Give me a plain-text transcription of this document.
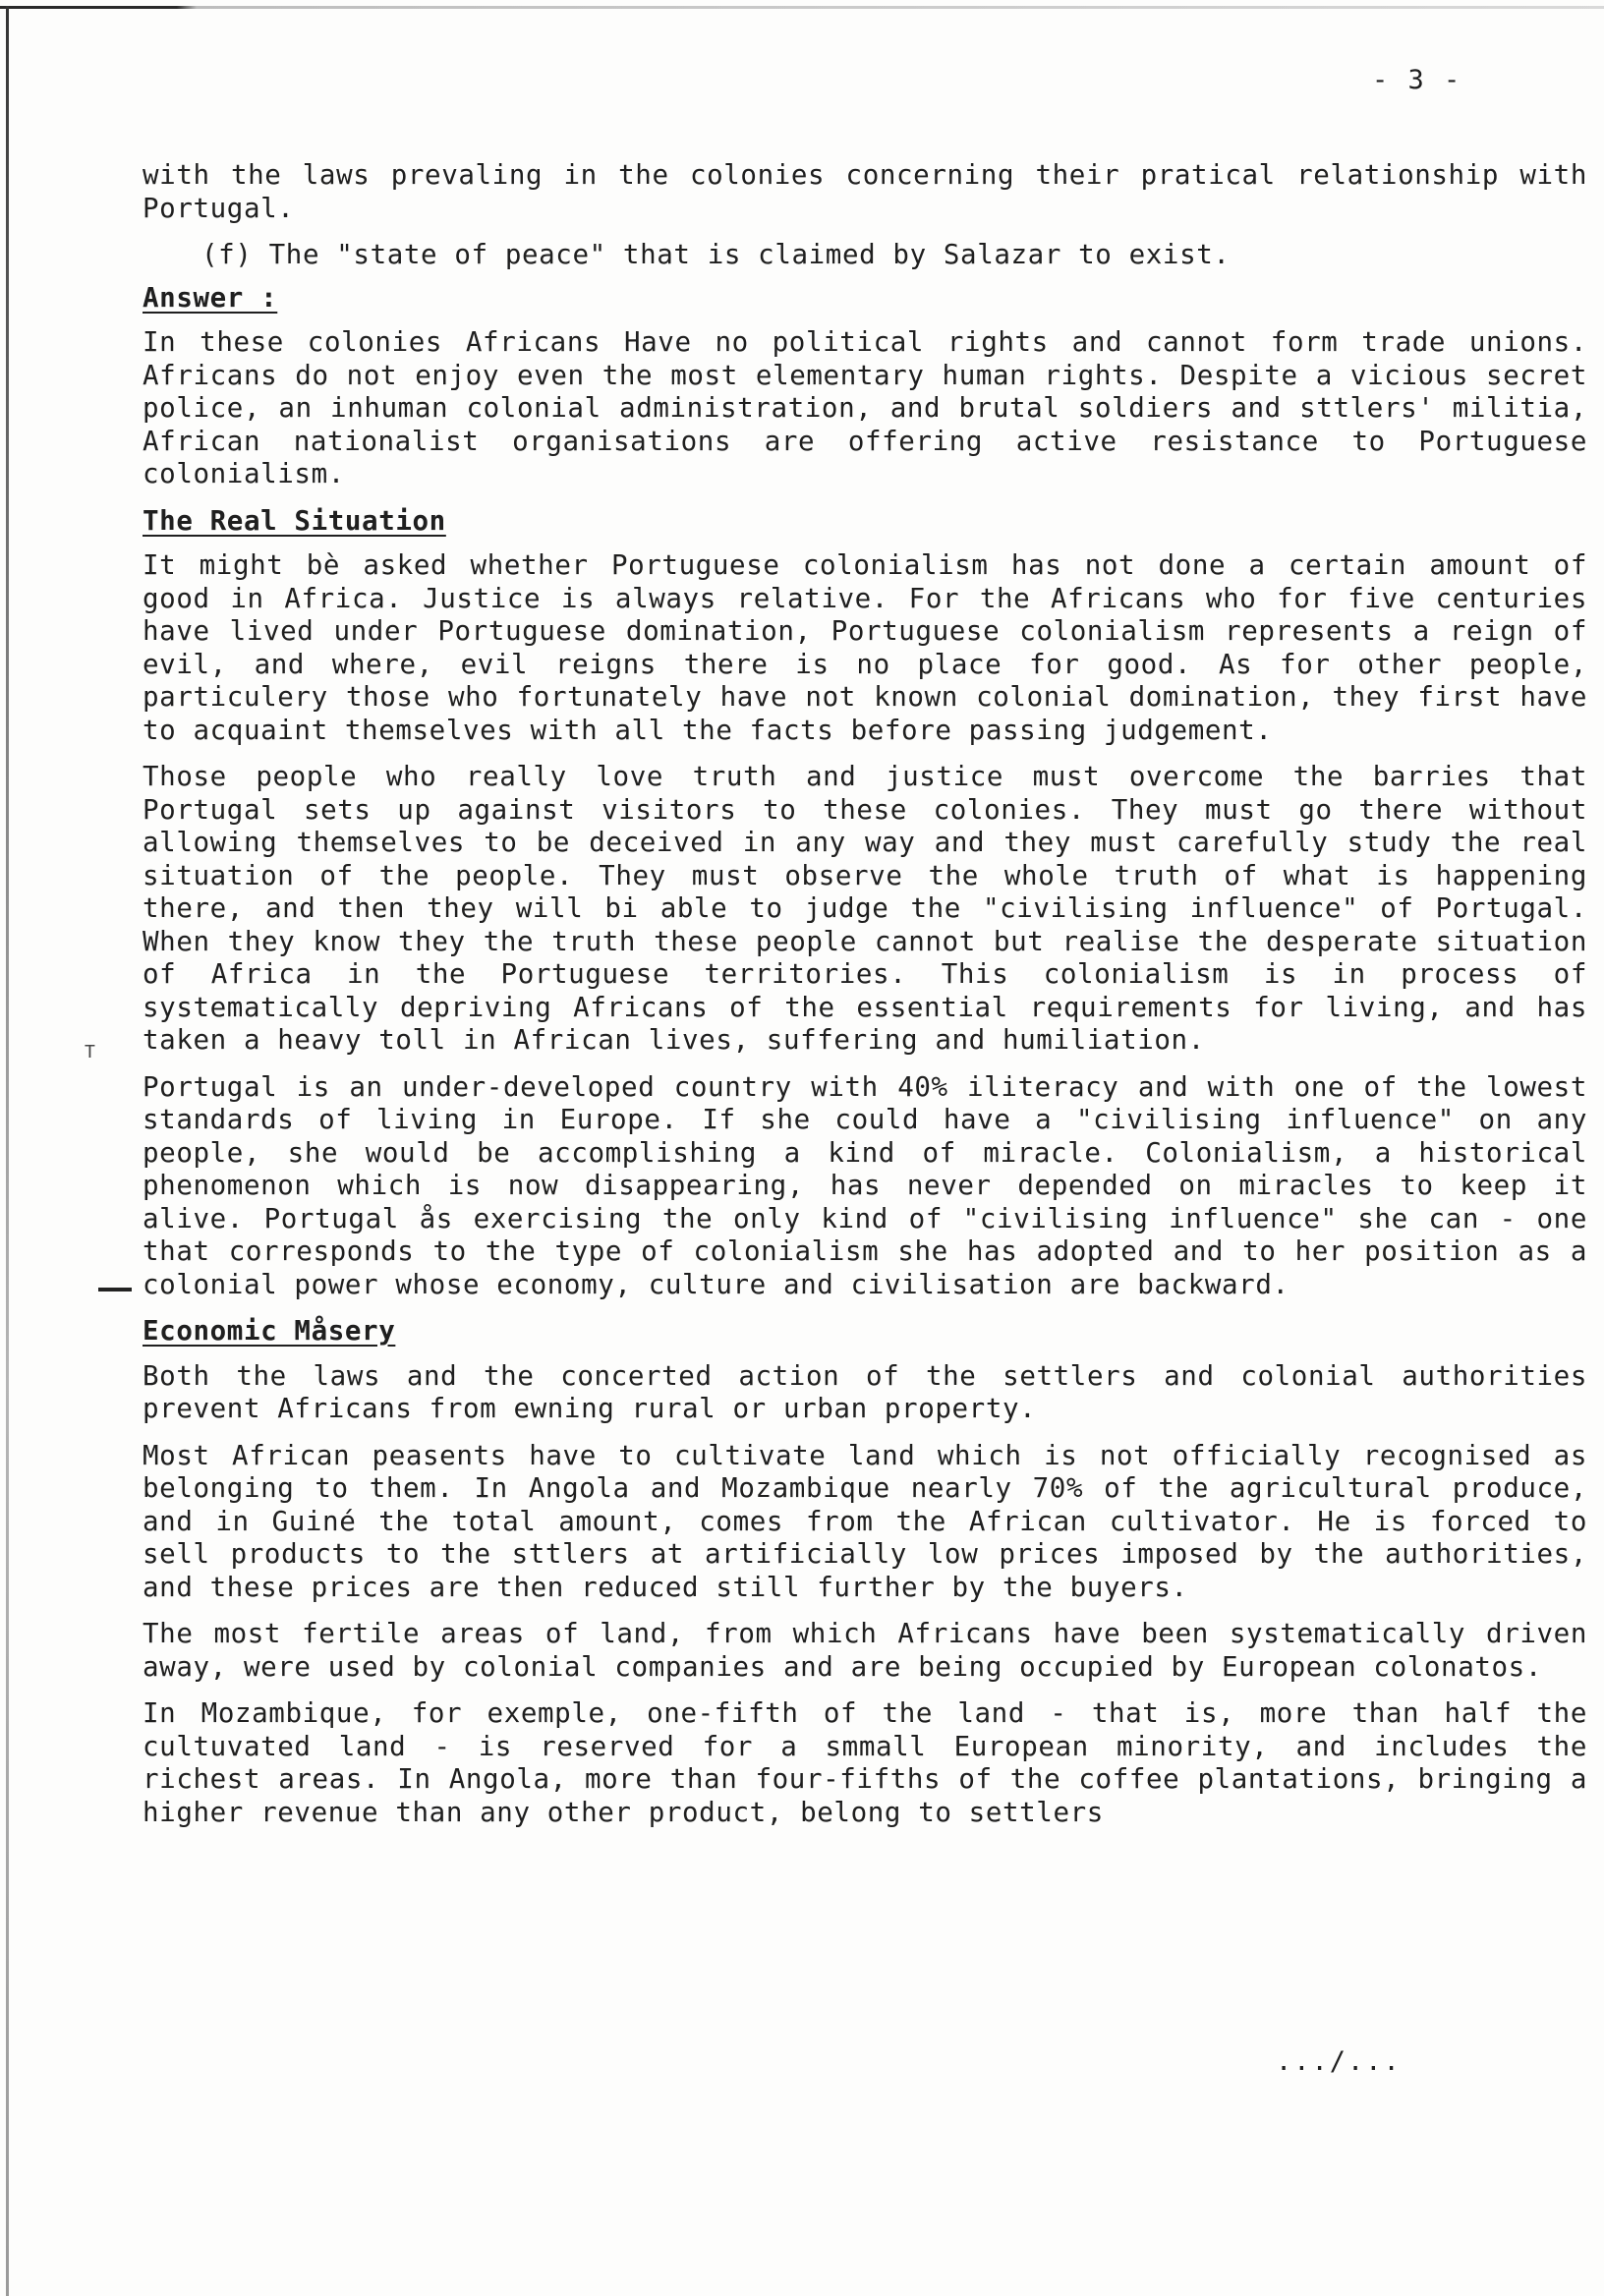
- 3 -
T

with the laws prevaling in the colonies concerning their pratical relationship with Portugal.

(f) The "state of peace" that is claimed by Salazar to exist.

Answer :

In these colonies Africans Have no political rights and cannot form trade unions. Africans do not enjoy even the most elementary human rights. Despite a vicious secret police, an inhuman colonial administration, and brutal soldiers and sttlers' militia, African nationalist organisations are offering active resistance to Portuguese colonialism.

The Real Situation

It might bè asked whether Portuguese colonialism has not done a certain amount of good in Africa. Justice is always relative. For the Africans who for five centuries have lived under Portuguese domination, Portuguese colonialism represents a reign of evil, and where, evil reigns there is no place for good. As for other people, particulery those who fortunately have not known colonial domination, they first have to acquaint themselves with all the facts before passing judgement.

Those people who really love truth and justice must overcome the barries that Portugal sets up against visitors to these colonies. They must go there without allowing themselves to be deceived in any way and they must carefully study the real situation of the people. They must observe the whole truth of what is happening there, and then they will bi able to judge the "civilising influence" of Portugal. When they know they the truth these people cannot but realise the desperate situation of Africa in the Portuguese territories. This colonialism is in process of systematically depriving Africans of the essential requirements for living, and has taken a heavy toll in African lives, suffering and humiliation.

Portugal is an under-developed country with 40% iliteracy and with one of the lowest standards of living in Europe. If she could have a "civilising influence" on any people, she would be accomplishing a kind of miracle. Colonialism, a historical phenomenon which is now disappearing, has never depended on miracles to keep it alive. Portugal ås exercising the only kind of "civilising influence" she can - one that corresponds to the type of colonialism she has adopted and to her position as a colonial power whose economy, culture and civilisation are backward.

Economic Måsery

Both the laws and the concerted action of the settlers and colonial authorities prevent Africans from ewning rural or urban property.

Most African peasents have to cultivate land which is not officially recognised as belonging to them. In Angola and Mozambique nearly 70% of the agricultural produce, and in Guiné the total amount, comes from the African cultivator. He is forced to sell products to the sttlers at artificially low prices imposed by the authorities, and these prices are then reduced still further by the buyers.

The most fertile areas of land, from which Africans have been systematically driven away, were used by colonial companies and are being occupied by European colonatos.

In Mozambique, for exemple, one-fifth of the land - that is, more than half the cultuvated land - is reserved for a smmall European minority, and includes the richest areas. In Angola, more than four-fifths of the coffee plantations, bringing a higher revenue than any other product, belong to settlers

.../...
